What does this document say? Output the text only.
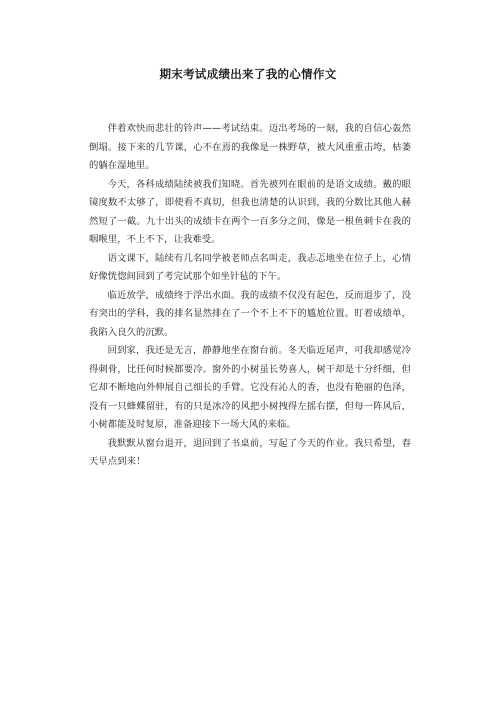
期末考试成绩出来了我的心情作文

伴着欢快而悲壮的铃声——考试结束。迈出考场的一刻，我的自信心轰然倒塌。接下来的几节课，心不在焉的我像是一株野草，被大风重重击垮，枯萎的躺在湿地里。

今天，各科成绩陆续被我们知晓。首先被列在眼前的是语文成绩。戴的眼镜度数不太够了，即使看不真切，但我也清楚的认识到，我的分数比其他人赫然短了一截。九十出头的成绩卡在两个一百多分之间，像是一根鱼刺卡在我的咽喉里，不上不下，让我难受。

语文课下，陆续有几名同学被老师点名叫走，我忐忑地坐在位子上，心情好像恍惚间回到了考完试那个如坐针毡的下午。

临近放学，成绩终于浮出水面。我的成绩不仅没有起色，反而退步了，没有突出的学科，我的排名显然排在了一个不上不下的尴尬位置。盯着成绩单，我陷入良久的沉默。

回到家，我还是无言，静静地坐在窗台前。冬天临近尾声，可我却感觉冷得刺骨，比任何时候都要冷。窗外的小树虽长势喜人，树干却是十分纤细，但它却不断地向外伸展自己细长的手臂。它没有沁人的香，也没有艳丽的色泽，没有一只蜂蝶留驻，有的只是冰冷的风把小树拽得左摇右摆，但每一阵风后，小树都能及时复原，准备迎接下一场大风的来临。

我默默从窗台退开，退回到了书桌前，写起了今天的作业。我只希望，春天早点到来！
